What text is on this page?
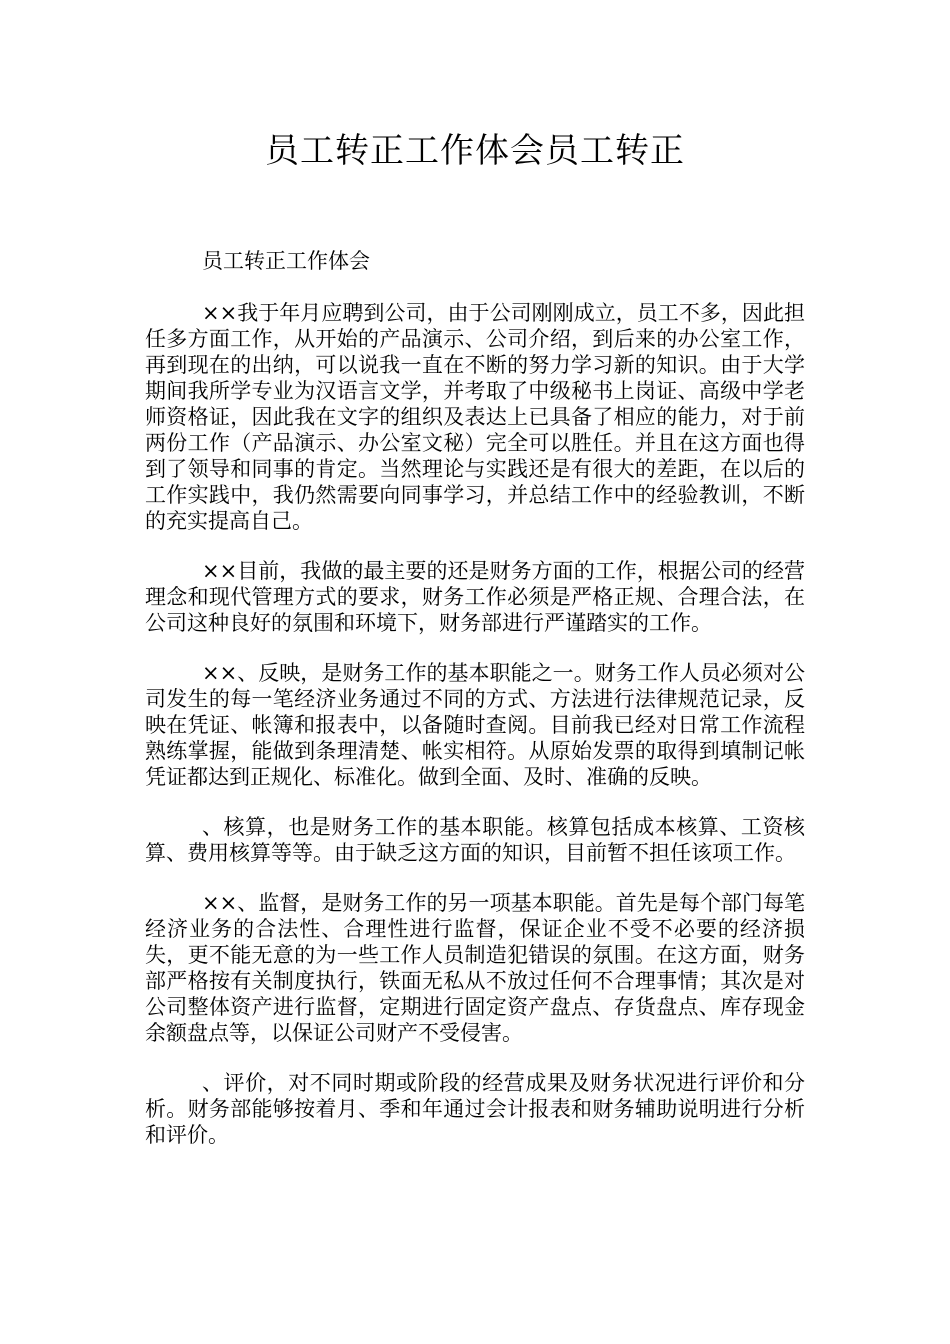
员工转正工作体会员工转正

员工转正工作体会

××我于年月应聘到公司，由于公司刚刚成立，员工不多，因此担任多方面工作，从开始的产品演示、公司介绍，到后来的办公室工作，再到现在的出纳，可以说我一直在不断的努力学习新的知识。由于大学期间我所学专业为汉语言文学，并考取了中级秘书上岗证、高级中学老师资格证，因此我在文字的组织及表达上已具备了相应的能力，对于前两份工作（产品演示、办公室文秘）完全可以胜任。并且在这方面也得到了领导和同事的肯定。当然理论与实践还是有很大的差距，在以后的工作实践中，我仍然需要向同事学习，并总结工作中的经验教训，不断的充实提高自己。

××目前，我做的最主要的还是财务方面的工作，根据公司的经营理念和现代管理方式的要求，财务工作必须是严格正规、合理合法，在公司这种良好的氛围和环境下，财务部进行严谨踏实的工作。

××、反映，是财务工作的基本职能之一。财务工作人员必须对公司发生的每一笔经济业务通过不同的方式、方法进行法律规范记录，反映在凭证、帐簿和报表中，以备随时查阅。目前我已经对日常工作流程熟练掌握，能做到条理清楚、帐实相符。从原始发票的取得到填制记帐凭证都达到正规化、标准化。做到全面、及时、准确的反映。

、核算，也是财务工作的基本职能。核算包括成本核算、工资核算、费用核算等等。由于缺乏这方面的知识，目前暂不担任该项工作。

××、监督，是财务工作的另一项基本职能。首先是每个部门每笔经济业务的合法性、合理性进行监督，保证企业不受不必要的经济损失，更不能无意的为一些工作人员制造犯错误的氛围。在这方面，财务部严格按有关制度执行，铁面无私从不放过任何不合理事情；其次是对公司整体资产进行监督，定期进行固定资产盘点、存货盘点、库存现金余额盘点等，以保证公司财产不受侵害。

、评价，对不同时期或阶段的经营成果及财务状况进行评价和分析。财务部能够按着月、季和年通过会计报表和财务辅助说明进行分析和评价。
